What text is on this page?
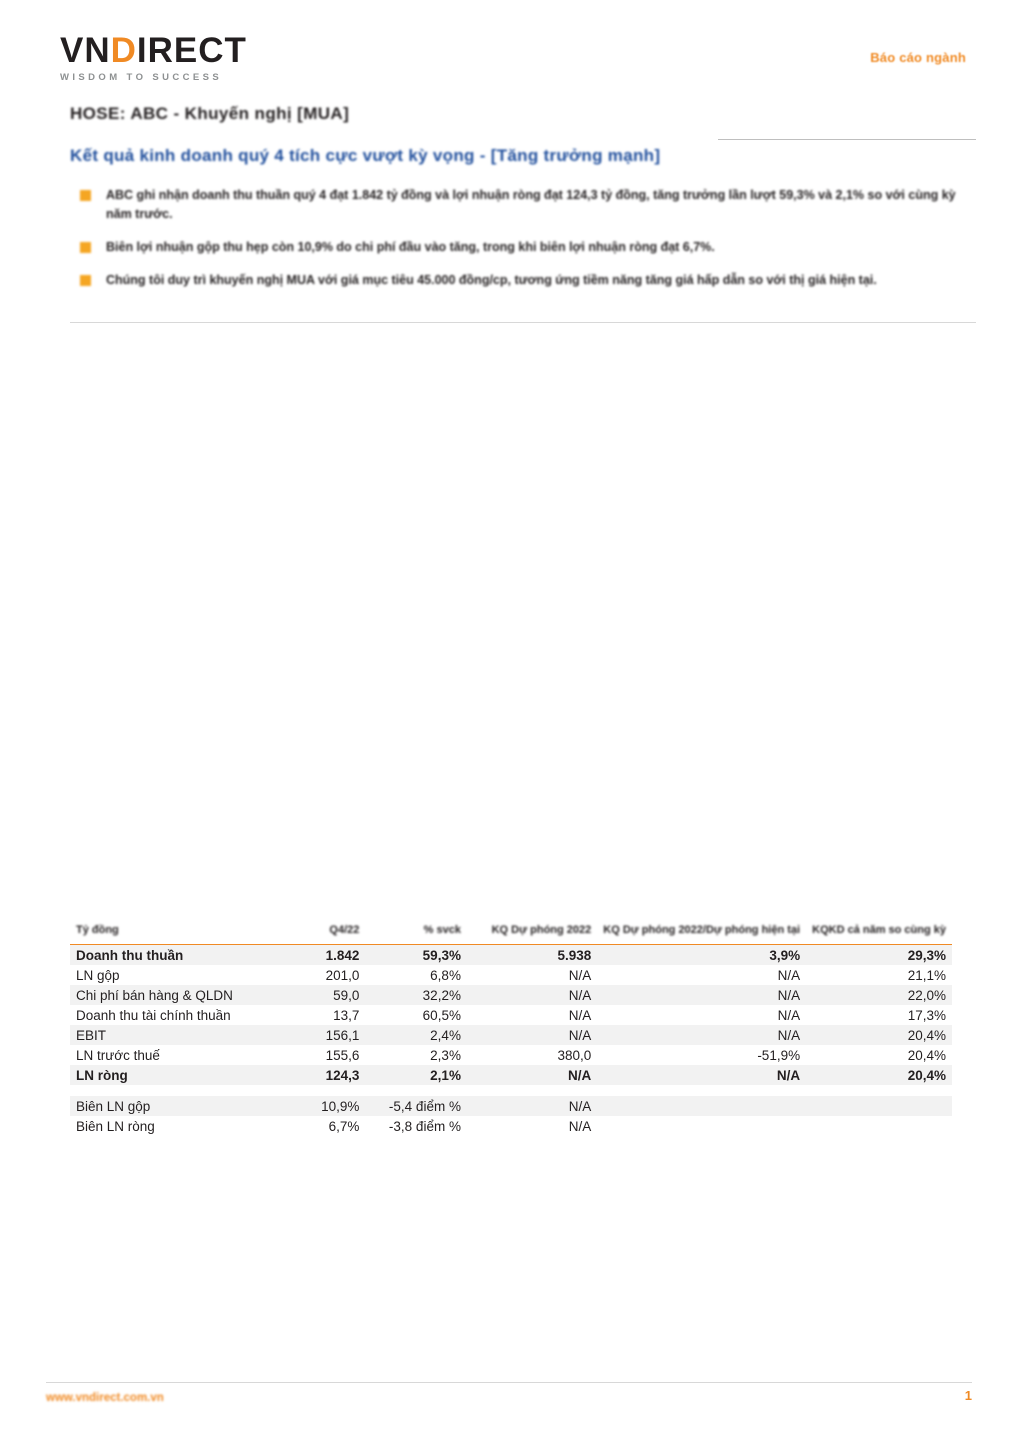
VNDIRECT
WISDOM TO SUCCESS
Báo cáo ngành
HOSE: ABC - Khuyến nghị [MUA]
Kết quả kinh doanh quý 4 tích cực vượt kỳ vọng - [Tăng trưởng mạnh]
ABC ghi nhận doanh thu thuần quý 4 đạt 1.842 tỷ đồng và lợi nhuận ròng đạt 124,3 tỷ đồng, tăng trưởng lần lượt 59,3% và 2,1% so với cùng kỳ năm trước.
Biên lợi nhuận gộp thu hẹp còn 10,9% do chi phí đầu vào tăng, trong khi biên lợi nhuận ròng đạt 6,7%.
Chúng tôi duy trì khuyến nghị MUA với giá mục tiêu 45.000 đồng/cp, tương ứng tiềm năng tăng giá hấp dẫn so với thị giá hiện tại.
Tỷ đồng	Q4/22	% svck	KQ Dự phóng 2022	KQ Dự phóng 2022/Dự phóng hiện tại	KQKD cả năm so cùng kỳ
Doanh thu thuần	1.842	59,3%	5.938	3,9%	29,3%
LN gộp	201,0	6,8%	N/A	N/A	21,1%
Chi phí bán hàng & QLDN	59,0	32,2%	N/A	N/A	22,0%
Doanh thu tài chính thuần	13,7	60,5%	N/A	N/A	17,3%
EBIT	156,1	2,4%	N/A	N/A	20,4%
LN trước thuế	155,6	2,3%	380,0	-51,9%	20,4%
LN ròng	124,3	2,1%	N/A	N/A	20,4%

Biên LN gộp	10,9%	-5,4 điểm %	N/A		
Biên LN ròng	6,7%	-3,8 điểm %	N/A		
www.vndirect.com.vn	1
